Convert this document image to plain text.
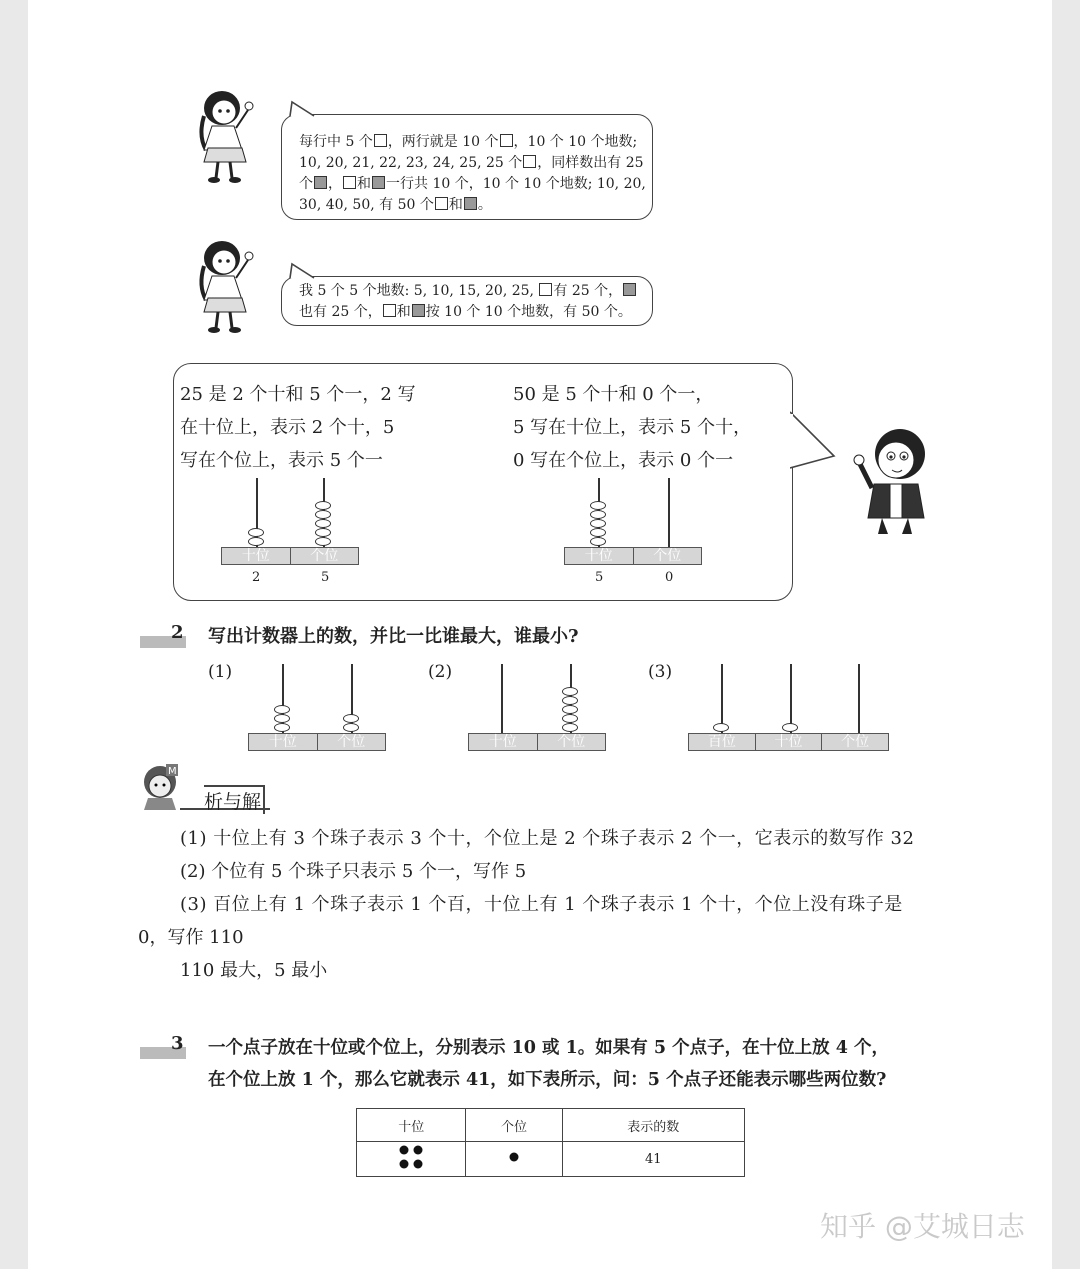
每行中 5 个 ，两行就是 10 个 ，10 个 10 个地数;
10, 20, 21, 22, 23, 24, 25, 25 个 ，同样数出有 25
个 ， 和 一行共 10 个，10 个 10 个地数; 10, 20,
30, 40, 50, 有 50 个 和 。
我 5 个 5 个地数: 5, 10, 15, 20, 25, 有 25 个，
也有 25 个， 和 按 10 个 10 个地数，有 50 个。
25 是 2 个十和 5 个一，2 写
在十位上，表示 2 个十，5
写在个位上，表示 5 个一
50 是 5 个十和 0 个一，
5 写在十位上，表示 5 个十，
0 写在个位上，表示 0 个一
十位	个位
2	5
十位	个位
5	0
2 写出计数器上的数，并比一比谁最大，谁最小?
(1)	(2)	(3)
十位	个位	十位	个位	百位	十位	个位
M
析与解
(1) 十位上有 3 个珠子表示 3 个十，个位上是 2 个珠子表示 2 个一，它表示的数写作 32
(2) 个位有 5 个珠子只表示 5 个一，写作 5
(3) 百位上有 1 个珠子表示 1 个百，十位上有 1 个珠子表示 1 个十，个位上没有珠子是
0，写作 110
110 最大，5 最小
3 一个点子放在十位或个位上，分别表示 10 或 1。如果有 5 个点子，在十位上放 4 个，
在个位上放 1 个，那么它就表示 41，如下表所示，问：5 个点子还能表示哪些两位数?
十位	个位	表示的数
		41
知乎 @艾城日志
